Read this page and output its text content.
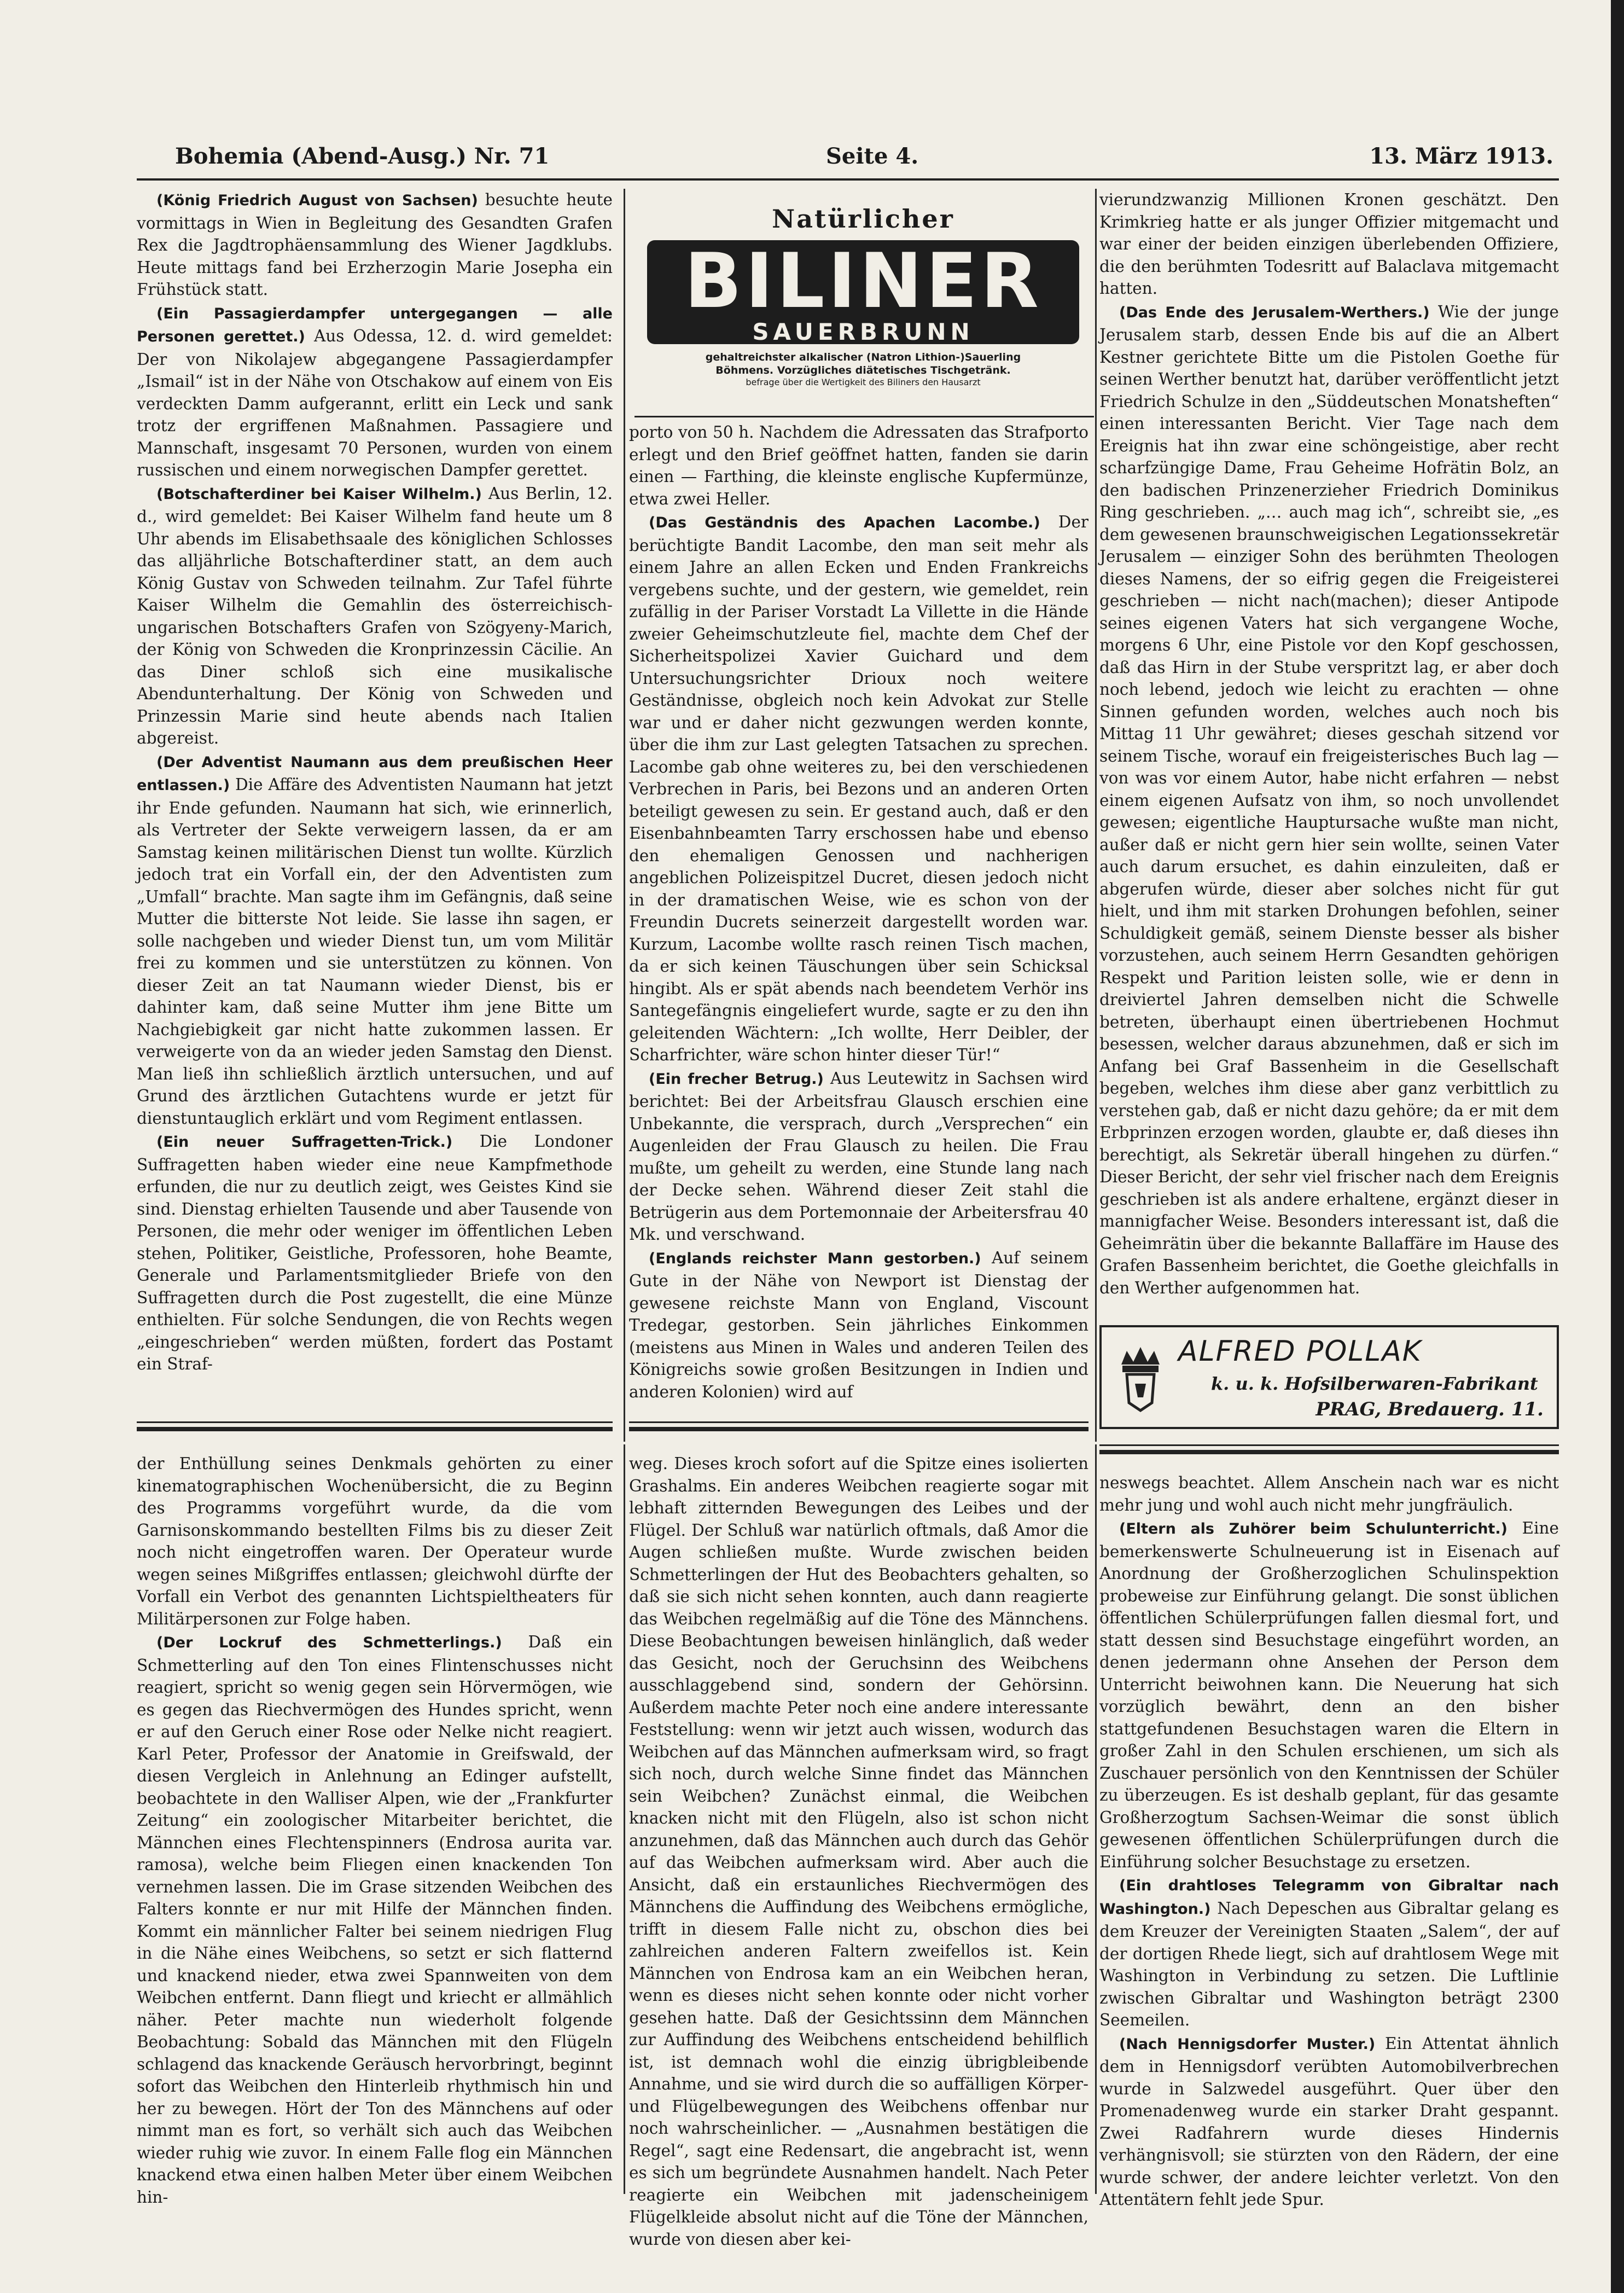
Bohemia (Abend-Ausg.) Nr. 71	Seite 4.	13. März 1913.

(König Friedrich August von Sachsen) besuchte heute vormittags in Wien in Begleitung des Gesandten Grafen Rex die Jagdtrophäensammlung des Wiener Jagdklubs. Heute mittags fand bei Erzherzogin Marie Josepha ein Frühstück statt.

(Ein Passagierdampfer untergegangen — alle Personen gerettet.) Aus Odessa, 12. d. wird gemeldet: Der von Nikolajew abgegangene Passagierdampfer „Ismail“ ist in der Nähe von Otschakow auf einem von Eis verdeckten Damm aufgerannt, erlitt ein Leck und sank trotz der ergriffenen Maßnahmen. Passagiere und Mannschaft, insgesamt 70 Personen, wurden von einem russischen und einem norwegischen Dampfer gerettet.

(Botschafterdiner bei Kaiser Wilhelm.) Aus Berlin, 12. d., wird gemeldet: Bei Kaiser Wilhelm fand heute um 8 Uhr abends im Elisabethsaale des königlichen Schlosses das alljährliche Botschafterdiner statt, an dem auch König Gustav von Schweden teilnahm. Zur Tafel führte Kaiser Wilhelm die Gemahlin des österreichisch-ungarischen Botschafters Grafen von Szögyeny-Marich, der König von Schweden die Kronprinzessin Cäcilie. An das Diner schloß sich eine musikalische Abendunterhaltung. Der König von Schweden und Prinzessin Marie sind heute abends nach Italien abgereist.

(Der Adventist Naumann aus dem preußischen Heer entlassen.) Die Affäre des Adventisten Naumann hat jetzt ihr Ende gefunden. Naumann hat sich, wie erinnerlich, als Vertreter der Sekte verweigern lassen, da er am Samstag keinen militärischen Dienst tun wollte. Kürzlich jedoch trat ein Vorfall ein, der den Adventisten zum „Umfall“ brachte. Man sagte ihm im Gefängnis, daß seine Mutter die bitterste Not leide. Sie lasse ihn sagen, er solle nachgeben und wieder Dienst tun, um vom Militär frei zu kommen und sie unterstützen zu können. Von dieser Zeit an tat Naumann wieder Dienst, bis er dahinter kam, daß seine Mutter ihm jene Bitte um Nachgiebigkeit gar nicht hatte zukommen lassen. Er verweigerte von da an wieder jeden Samstag den Dienst. Man ließ ihn schließlich ärztlich untersuchen, und auf Grund des ärztlichen Gutachtens wurde er jetzt für dienstuntauglich erklärt und vom Regiment entlassen.

(Ein neuer Suffragetten-Trick.) Die Londoner Suffragetten haben wieder eine neue Kampfmethode erfunden, die nur zu deutlich zeigt, wes Geistes Kind sie sind. Dienstag erhielten Tausende und aber Tausende von Personen, die mehr oder weniger im öffentlichen Leben stehen, Politiker, Geistliche, Professoren, hohe Beamte, Generale und Parlamentsmitglieder Briefe von den Suffragetten durch die Post zugestellt, die eine Münze enthielten. Für solche Sendungen, die von Rechts wegen „eingeschrieben“ werden müßten, fordert das Postamt ein Straf-

Natürlicher
BILINER
SAUERBRUNN
gehaltreichster alkalischer (Natron Lithion-)Sauerling
Böhmens. Vorzügliches diätetisches Tischgetränk.
befrage über die Wertigkeit des Biliners den Hausarzt

porto von 50 h. Nachdem die Adressaten das Strafporto erlegt und den Brief geöffnet hatten, fanden sie darin einen — Farthing, die kleinste englische Kupfermünze, etwa zwei Heller.

(Das Geständnis des Apachen Lacombe.) Der berüchtigte Bandit Lacombe, den man seit mehr als einem Jahre an allen Ecken und Enden Frankreichs vergebens suchte, und der gestern, wie gemeldet, rein zufällig in der Pariser Vorstadt La Villette in die Hände zweier Geheimschutzleute fiel, machte dem Chef der Sicherheitspolizei Xavier Guichard und dem Untersuchungsrichter Drioux noch weitere Geständnisse, obgleich noch kein Advokat zur Stelle war und er daher nicht gezwungen werden konnte, über die ihm zur Last gelegten Tatsachen zu sprechen. Lacombe gab ohne weiteres zu, bei den verschiedenen Verbrechen in Paris, bei Bezons und an anderen Orten beteiligt gewesen zu sein. Er gestand auch, daß er den Eisenbahnbeamten Tarry erschossen habe und ebenso den ehemaligen Genossen und nachherigen angeblichen Polizeispitzel Ducret, diesen jedoch nicht in der dramatischen Weise, wie es schon von der Freundin Ducrets seinerzeit dargestellt worden war. Kurzum, Lacombe wollte rasch reinen Tisch machen, da er sich keinen Täuschungen über sein Schicksal hingibt. Als er spät abends nach beendetem Verhör ins Santegefängnis eingeliefert wurde, sagte er zu den ihn geleitenden Wächtern: „Ich wollte, Herr Deibler, der Scharfrichter, wäre schon hinter dieser Tür!“

(Ein frecher Betrug.) Aus Leutewitz in Sachsen wird berichtet: Bei der Arbeitsfrau Glausch erschien eine Unbekannte, die versprach, durch „Versprechen“ ein Augenleiden der Frau Glausch zu heilen. Die Frau mußte, um geheilt zu werden, eine Stunde lang nach der Decke sehen. Während dieser Zeit stahl die Betrügerin aus dem Portemonnaie der Arbeitersfrau 40 Mk. und verschwand.

(Englands reichster Mann gestorben.) Auf seinem Gute in der Nähe von Newport ist Dienstag der gewesene reichste Mann von England, Viscount Tredegar, gestorben. Sein jährliches Einkommen (meistens aus Minen in Wales und anderen Teilen des Königreichs sowie großen Besitzungen in Indien und anderen Kolonien) wird auf

vierundzwanzig Millionen Kronen geschätzt. Den Krimkrieg hatte er als junger Offizier mitgemacht und war einer der beiden einzigen überlebenden Offiziere, die den berühmten Todesritt auf Balaclava mitgemacht hatten.

(Das Ende des Jerusalem-Werthers.) Wie der junge Jerusalem starb, dessen Ende bis auf die an Albert Kestner gerichtete Bitte um die Pistolen Goethe für seinen Werther benutzt hat, darüber veröffentlicht jetzt Friedrich Schulze in den „Süddeutschen Monatsheften“ einen interessanten Bericht. Vier Tage nach dem Ereignis hat ihn zwar eine schöngeistige, aber recht scharfzüngige Dame, Frau Geheime Hofrätin Bolz, an den badischen Prinzenerzieher Friedrich Dominikus Ring geschrieben. „… auch mag ich“, schreibt sie, „es dem gewesenen braunschweigischen Legationssekretär Jerusalem — einziger Sohn des berühmten Theologen dieses Namens, der so eifrig gegen die Freigeisterei geschrieben — nicht nach(machen); dieser Antipode seines eigenen Vaters hat sich vergangene Woche, morgens 6 Uhr, eine Pistole vor den Kopf geschossen, daß das Hirn in der Stube verspritzt lag, er aber doch noch lebend, jedoch wie leicht zu erachten — ohne Sinnen gefunden worden, welches auch noch bis Mittag 11 Uhr gewähret; dieses geschah sitzend vor seinem Tische, worauf ein freigeisterisches Buch lag — von was vor einem Autor, habe nicht erfahren — nebst einem eigenen Aufsatz von ihm, so noch unvollendet gewesen; eigentliche Hauptursache wußte man nicht, außer daß er nicht gern hier sein wollte, seinen Vater auch darum ersuchet, es dahin einzuleiten, daß er abgerufen würde, dieser aber solches nicht für gut hielt, und ihm mit starken Drohungen befohlen, seiner Schuldigkeit gemäß, seinem Dienste besser als bisher vorzustehen, auch seinem Herrn Gesandten gehörigen Respekt und Parition leisten solle, wie er denn in dreiviertel Jahren demselben nicht die Schwelle betreten, überhaupt einen übertriebenen Hochmut besessen, welcher daraus abzunehmen, daß er sich im Anfang bei Graf Bassenheim in die Gesellschaft begeben, welches ihm diese aber ganz verbittlich zu verstehen gab, daß er nicht dazu gehöre; da er mit dem Erbprinzen erzogen worden, glaubte er, daß dieses ihn berechtigt, als Sekretär überall hingehen zu dürfen.“ Dieser Bericht, der sehr viel frischer nach dem Ereignis geschrieben ist als andere erhaltene, ergänzt dieser in mannigfacher Weise. Besonders interessant ist, daß die Geheimrätin über die bekannte Ballaffäre im Hause des Grafen Bassenheim berichtet, die Goethe gleichfalls in den Werther aufgenommen hat.

ALFRED POLLAK
k. u. k. Hofsilberwaren-Fabrikant
PRAG, Bredauerg. 11.

der Enthüllung seines Denkmals gehörten zu einer kinematographischen Wochenübersicht, die zu Beginn des Programms vorgeführt wurde, da die vom Garnisonskommando bestellten Films bis zu dieser Zeit noch nicht eingetroffen waren. Der Operateur wurde wegen seines Mißgriffes entlassen; gleichwohl dürfte der Vorfall ein Verbot des genannten Lichtspieltheaters für Militärpersonen zur Folge haben.

(Der Lockruf des Schmetterlings.) Daß ein Schmetterling auf den Ton eines Flintenschusses nicht reagiert, spricht so wenig gegen sein Hörvermögen, wie es gegen das Riechvermögen des Hundes spricht, wenn er auf den Geruch einer Rose oder Nelke nicht reagiert. Karl Peter, Professor der Anatomie in Greifswald, der diesen Vergleich in Anlehnung an Edinger aufstellt, beobachtete in den Walliser Alpen, wie der „Frankfurter Zeitung“ ein zoologischer Mitarbeiter berichtet, die Männchen eines Flechtenspinners (Endrosa aurita var. ramosa), welche beim Fliegen einen knackenden Ton vernehmen lassen. Die im Grase sitzenden Weibchen des Falters konnte er nur mit Hilfe der Männchen finden. Kommt ein männlicher Falter bei seinem niedrigen Flug in die Nähe eines Weibchens, so setzt er sich flatternd und knackend nieder, etwa zwei Spannweiten von dem Weibchen entfernt. Dann fliegt und kriecht er allmählich näher. Peter machte nun wiederholt folgende Beobachtung: Sobald das Männchen mit den Flügeln schlagend das knackende Geräusch hervorbringt, beginnt sofort das Weibchen den Hinterleib rhythmisch hin und her zu bewegen. Hört der Ton des Männchens auf oder nimmt man es fort, so verhält sich auch das Weibchen wieder ruhig wie zuvor. In einem Falle flog ein Männchen knackend etwa einen halben Meter über einem Weibchen hin-

weg. Dieses kroch sofort auf die Spitze eines isolierten Grashalms. Ein anderes Weibchen reagierte sogar mit lebhaft zitternden Bewegungen des Leibes und der Flügel. Der Schluß war natürlich oftmals, daß Amor die Augen schließen mußte. Wurde zwischen beiden Schmetterlingen der Hut des Beobachters gehalten, so daß sie sich nicht sehen konnten, auch dann reagierte das Weibchen regelmäßig auf die Töne des Männchens. Diese Beobachtungen beweisen hinlänglich, daß weder das Gesicht, noch der Geruchsinn des Weibchens ausschlaggebend sind, sondern der Gehörsinn. Außerdem machte Peter noch eine andere interessante Feststellung: wenn wir jetzt auch wissen, wodurch das Weibchen auf das Männchen aufmerksam wird, so fragt sich noch, durch welche Sinne findet das Männchen sein Weibchen? Zunächst einmal, die Weibchen knacken nicht mit den Flügeln, also ist schon nicht anzunehmen, daß das Männchen auch durch das Gehör auf das Weibchen aufmerksam wird. Aber auch die Ansicht, daß ein erstaunliches Riechvermögen des Männchens die Auffindung des Weibchens ermögliche, trifft in diesem Falle nicht zu, obschon dies bei zahlreichen anderen Faltern zweifellos ist. Kein Männchen von Endrosa kam an ein Weibchen heran, wenn es dieses nicht sehen konnte oder nicht vorher gesehen hatte. Daß der Gesichtssinn dem Männchen zur Auffindung des Weibchens entscheidend behilflich ist, ist demnach wohl die einzig übrigbleibende Annahme, und sie wird durch die so auffälligen Körper- und Flügelbewegungen des Weibchens offenbar nur noch wahrscheinlicher. — „Ausnahmen bestätigen die Regel“, sagt eine Redensart, die angebracht ist, wenn es sich um begründete Ausnahmen handelt. Nach Peter reagierte ein Weibchen mit jadenscheinigem Flügelkleide absolut nicht auf die Töne der Männchen, wurde von diesen aber kei-

neswegs beachtet. Allem Anschein nach war es nicht mehr jung und wohl auch nicht mehr jungfräulich.

(Eltern als Zuhörer beim Schulunterricht.) Eine bemerkenswerte Schulneuerung ist in Eisenach auf Anordnung der Großherzoglichen Schulinspektion probeweise zur Einführung gelangt. Die sonst üblichen öffentlichen Schülerprüfungen fallen diesmal fort, und statt dessen sind Besuchstage eingeführt worden, an denen jedermann ohne Ansehen der Person dem Unterricht beiwohnen kann. Die Neuerung hat sich vorzüglich bewährt, denn an den bisher stattgefundenen Besuchstagen waren die Eltern in großer Zahl in den Schulen erschienen, um sich als Zuschauer persönlich von den Kenntnissen der Schüler zu überzeugen. Es ist deshalb geplant, für das gesamte Großherzogtum Sachsen-Weimar die sonst üblich gewesenen öffentlichen Schülerprüfungen durch die Einführung solcher Besuchstage zu ersetzen.

(Ein drahtloses Telegramm von Gibraltar nach Washington.) Nach Depeschen aus Gibraltar gelang es dem Kreuzer der Vereinigten Staaten „Salem“, der auf der dortigen Rhede liegt, sich auf drahtlosem Wege mit Washington in Verbindung zu setzen. Die Luftlinie zwischen Gibraltar und Washington beträgt 2300 Seemeilen.

(Nach Hennigsdorfer Muster.) Ein Attentat ähnlich dem in Hennigsdorf verübten Automobilverbrechen wurde in Salzwedel ausgeführt. Quer über den Promenadenweg wurde ein starker Draht gespannt. Zwei Radfahrern wurde dieses Hindernis verhängnisvoll; sie stürzten von den Rädern, der eine wurde schwer, der andere leichter verletzt. Von den Attentätern fehlt jede Spur.
